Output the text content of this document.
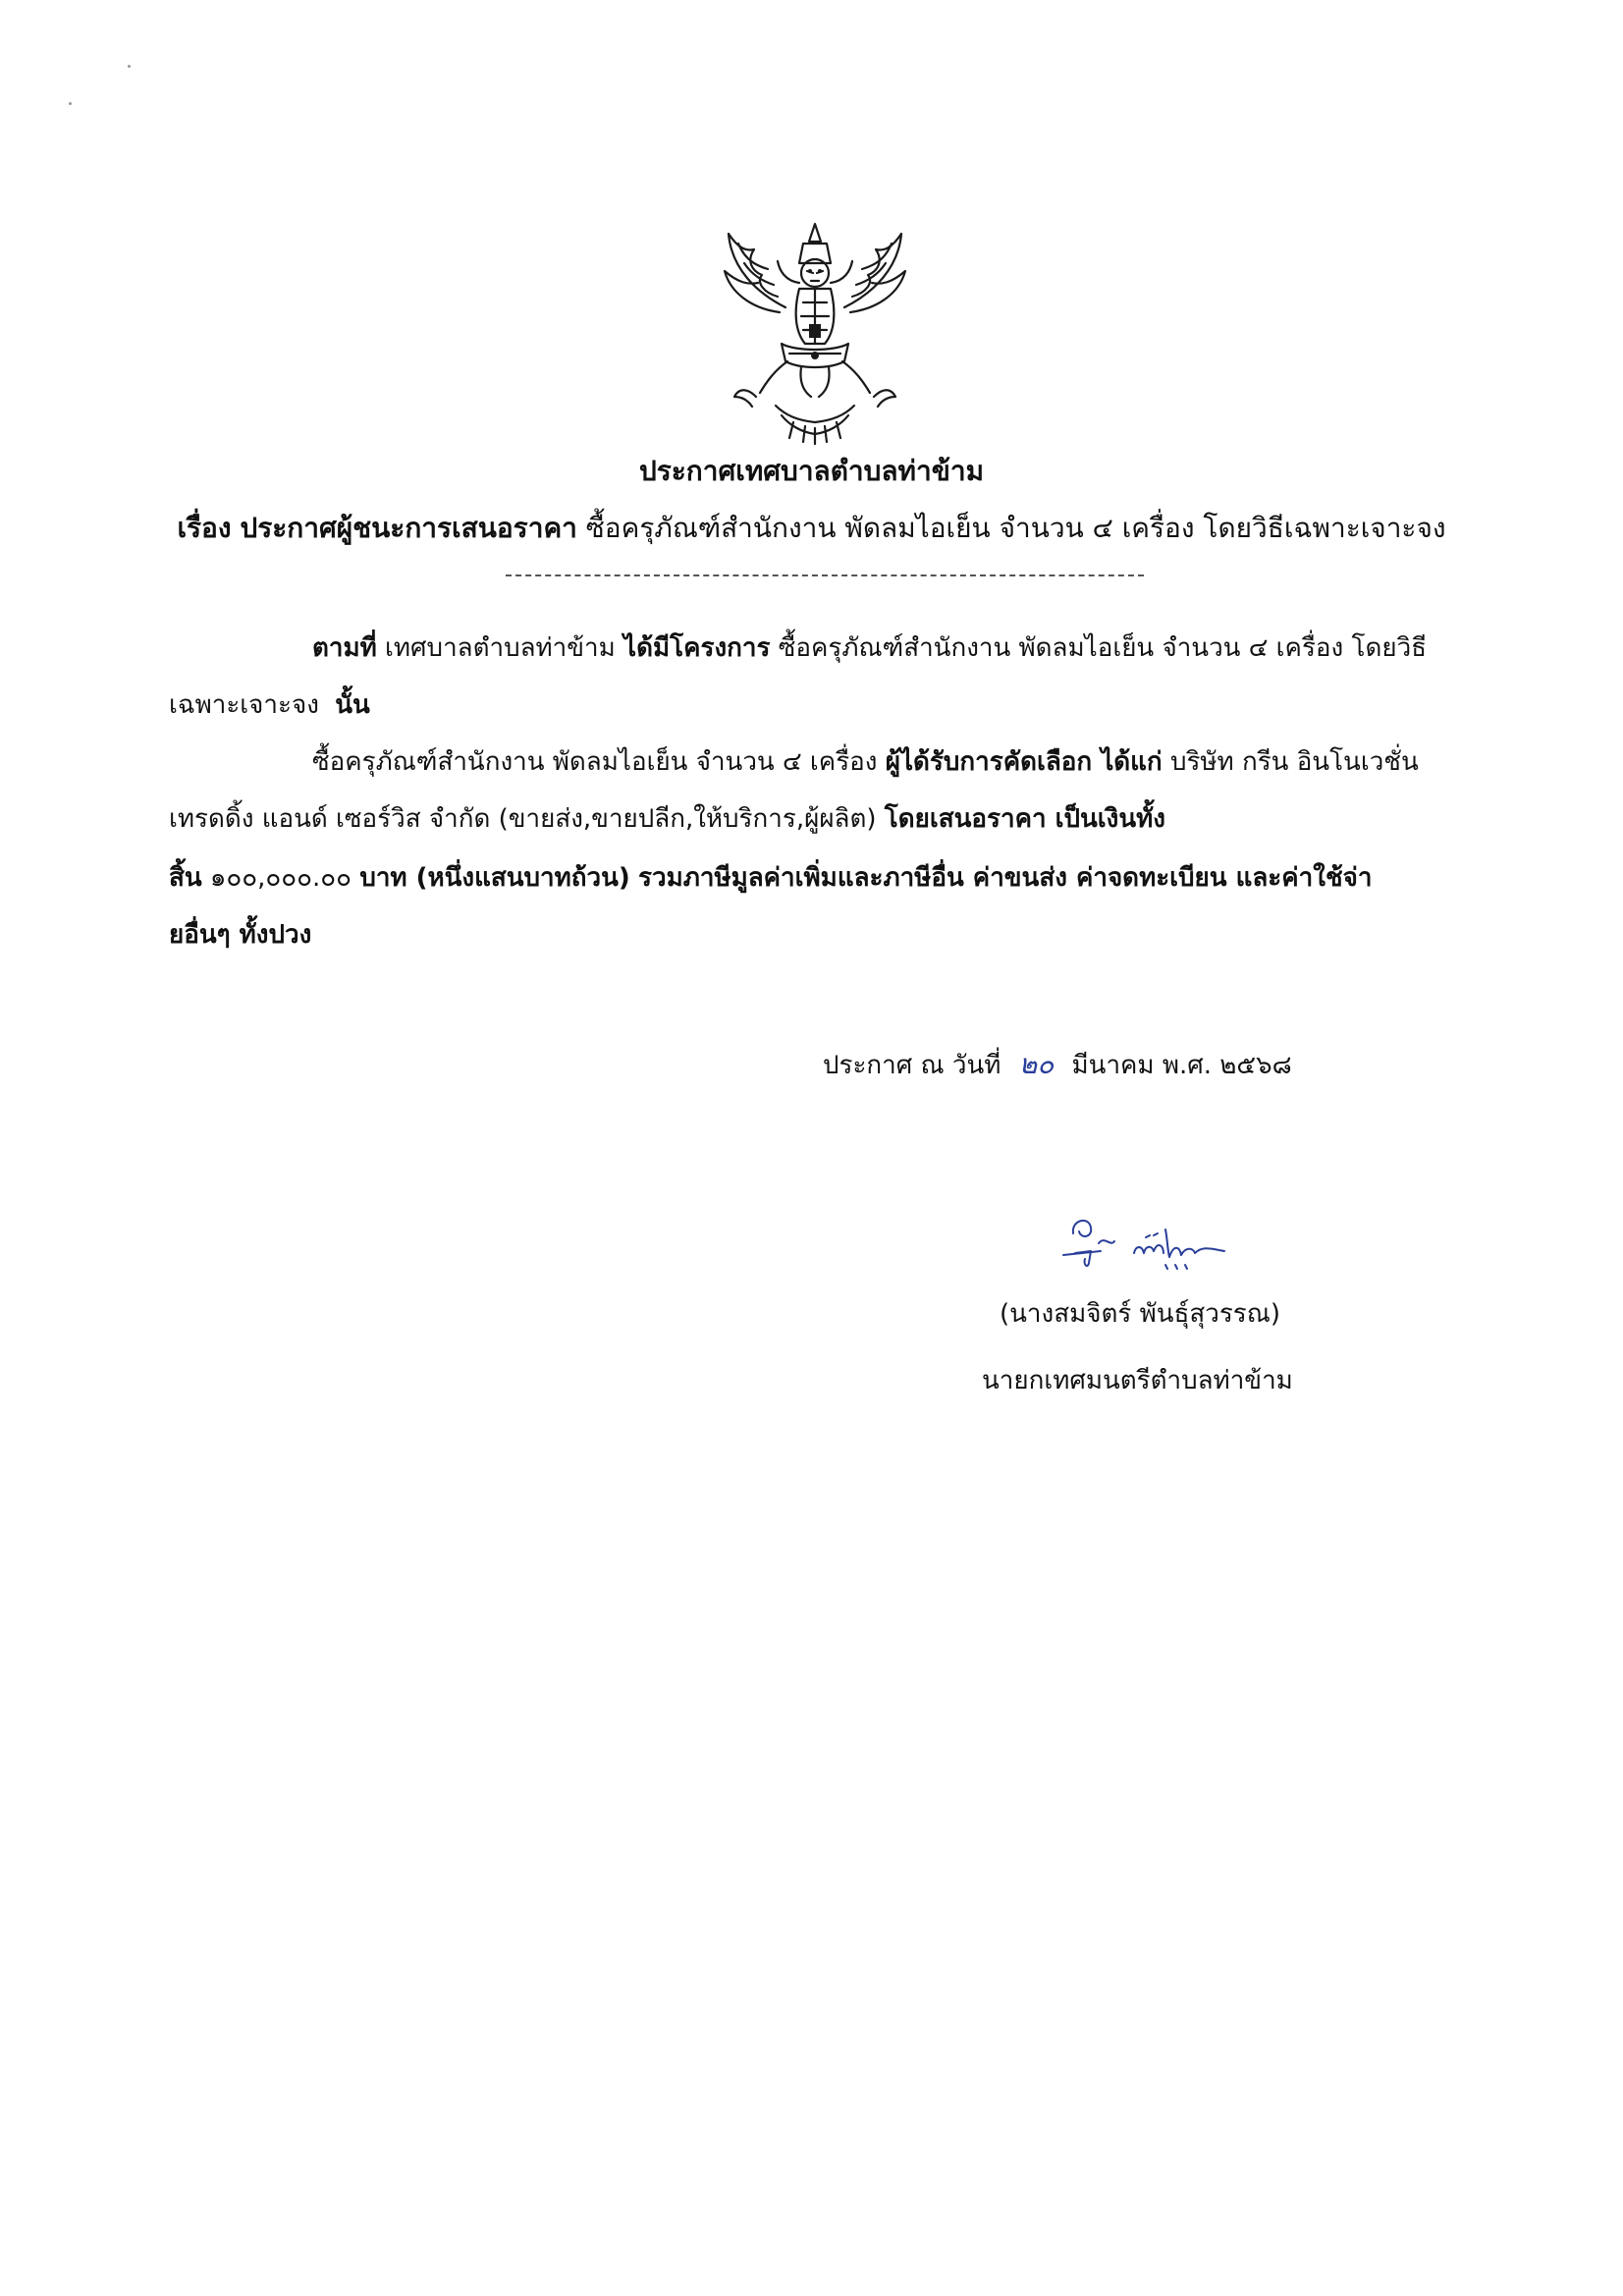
ประกาศเทศบาลตำบลท่าข้าม
เรื่อง ประกาศผู้ชนะการเสนอราคา ซื้อครุภัณฑ์สำนักงาน พัดลมไอเย็น จำนวน ๔ เครื่อง โดยวิธีเฉพาะเจาะจง
ตามที่ เทศบาลตำบลท่าข้าม ได้มีโครงการ ซื้อครุภัณฑ์สำนักงาน พัดลมไอเย็น จำนวน ๔ เครื่อง โดยวิธี
เฉพาะเจาะจง นั้น
ซื้อครุภัณฑ์สำนักงาน พัดลมไอเย็น จำนวน ๔ เครื่อง ผู้ได้รับการคัดเลือก ได้แก่ บริษัท กรีน อินโนเวชั่น
เทรดดิ้ง แอนด์ เซอร์วิส จำกัด (ขายส่ง,ขายปลีก,ให้บริการ,ผู้ผลิต) โดยเสนอราคา เป็นเงินทั้ง
สิ้น ๑๐๐,๐๐๐.๐๐ บาท (หนึ่งแสนบาทถ้วน) รวมภาษีมูลค่าเพิ่มและภาษีอื่น ค่าขนส่ง ค่าจดทะเบียน และค่าใช้จ่า
ยอื่นๆ ทั้งปวง
ประกาศ ณ วันที่ ๒๐ มีนาคม พ.ศ. ๒๕๖๘
(นางสมจิตร์ พันธุ์สุวรรณ)
นายกเทศมนตรีตำบลท่าข้าม
